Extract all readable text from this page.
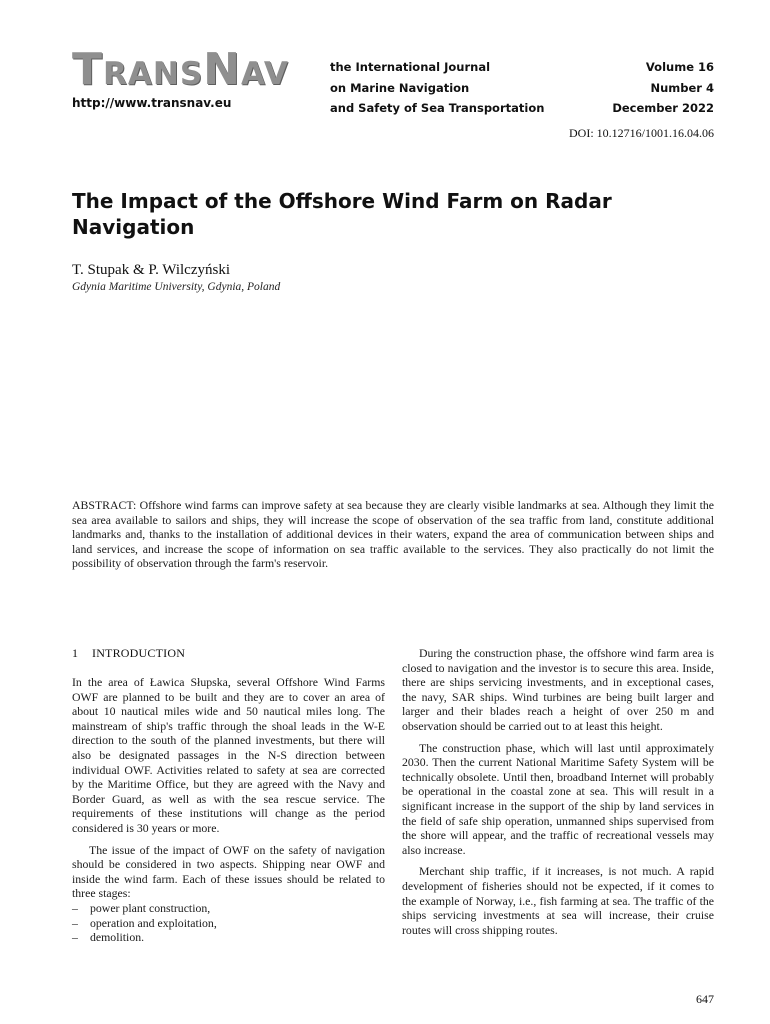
TRANSNAV
http://www.transnav.eu
the International Journal
on Marine Navigation
and Safety of Sea Transportation
Volume 16
Number 4
December 2022
DOI: 10.12716/1001.16.04.06
The Impact of the Offshore Wind Farm on Radar Navigation
T. Stupak & P. Wilczyński
Gdynia Maritime University, Gdynia, Poland
ABSTRACT: Offshore wind farms can improve safety at sea because they are clearly visible landmarks at sea. Although they limit the sea area available to sailors and ships, they will increase the scope of observation of the sea traffic from land, constitute additional landmarks and, thanks to the installation of additional devices in their waters, expand the area of communication between ships and land services, and increase the scope of information on sea traffic available to the services. They also practically do not limit the possibility of observation through the farm's reservoir.
1 INTRODUCTION

In the area of Ławica Słupska, several Offshore Wind Farms OWF are planned to be built and they are to cover an area of about 10 nautical miles wide and 50 nautical miles long. The mainstream of ship's traffic through the shoal leads in the W-E direction to the south of the planned investments, but there will also be designated passages in the N-S direction between individual OWF. Activities related to safety at sea are corrected by the Maritime Office, but they are agreed with the Navy and Border Guard, as well as with the sea rescue service. The requirements of these institutions will change as the period considered is 30 years or more.

The issue of the impact of OWF on the safety of navigation should be considered in two aspects. Shipping near OWF and inside the wind farm. Each of these issues should be related to three stages:

– power plant construction,
– operation and exploitation,
– demolition.

During the construction phase, the offshore wind farm area is closed to navigation and the investor is to secure this area. Inside, there are ships servicing investments, and in exceptional cases, the navy, SAR ships. Wind turbines are being built larger and larger and their blades reach a height of over 250 m and observation should be carried out to at least this height.

The construction phase, which will last until approximately 2030. Then the current National Maritime Safety System will be technically obsolete. Until then, broadband Internet will probably be operational in the coastal zone at sea. This will result in a significant increase in the support of the ship by land services in the field of safe ship operation, unmanned ships supervised from the shore will appear, and the traffic of recreational vessels may also increase.

Merchant ship traffic, if it increases, is not much. A rapid development of fisheries should not be expected, if it comes to the example of Norway, i.e., fish farming at sea. The traffic of the ships servicing investments at sea will increase, their cruise routes will cross shipping routes.

647
